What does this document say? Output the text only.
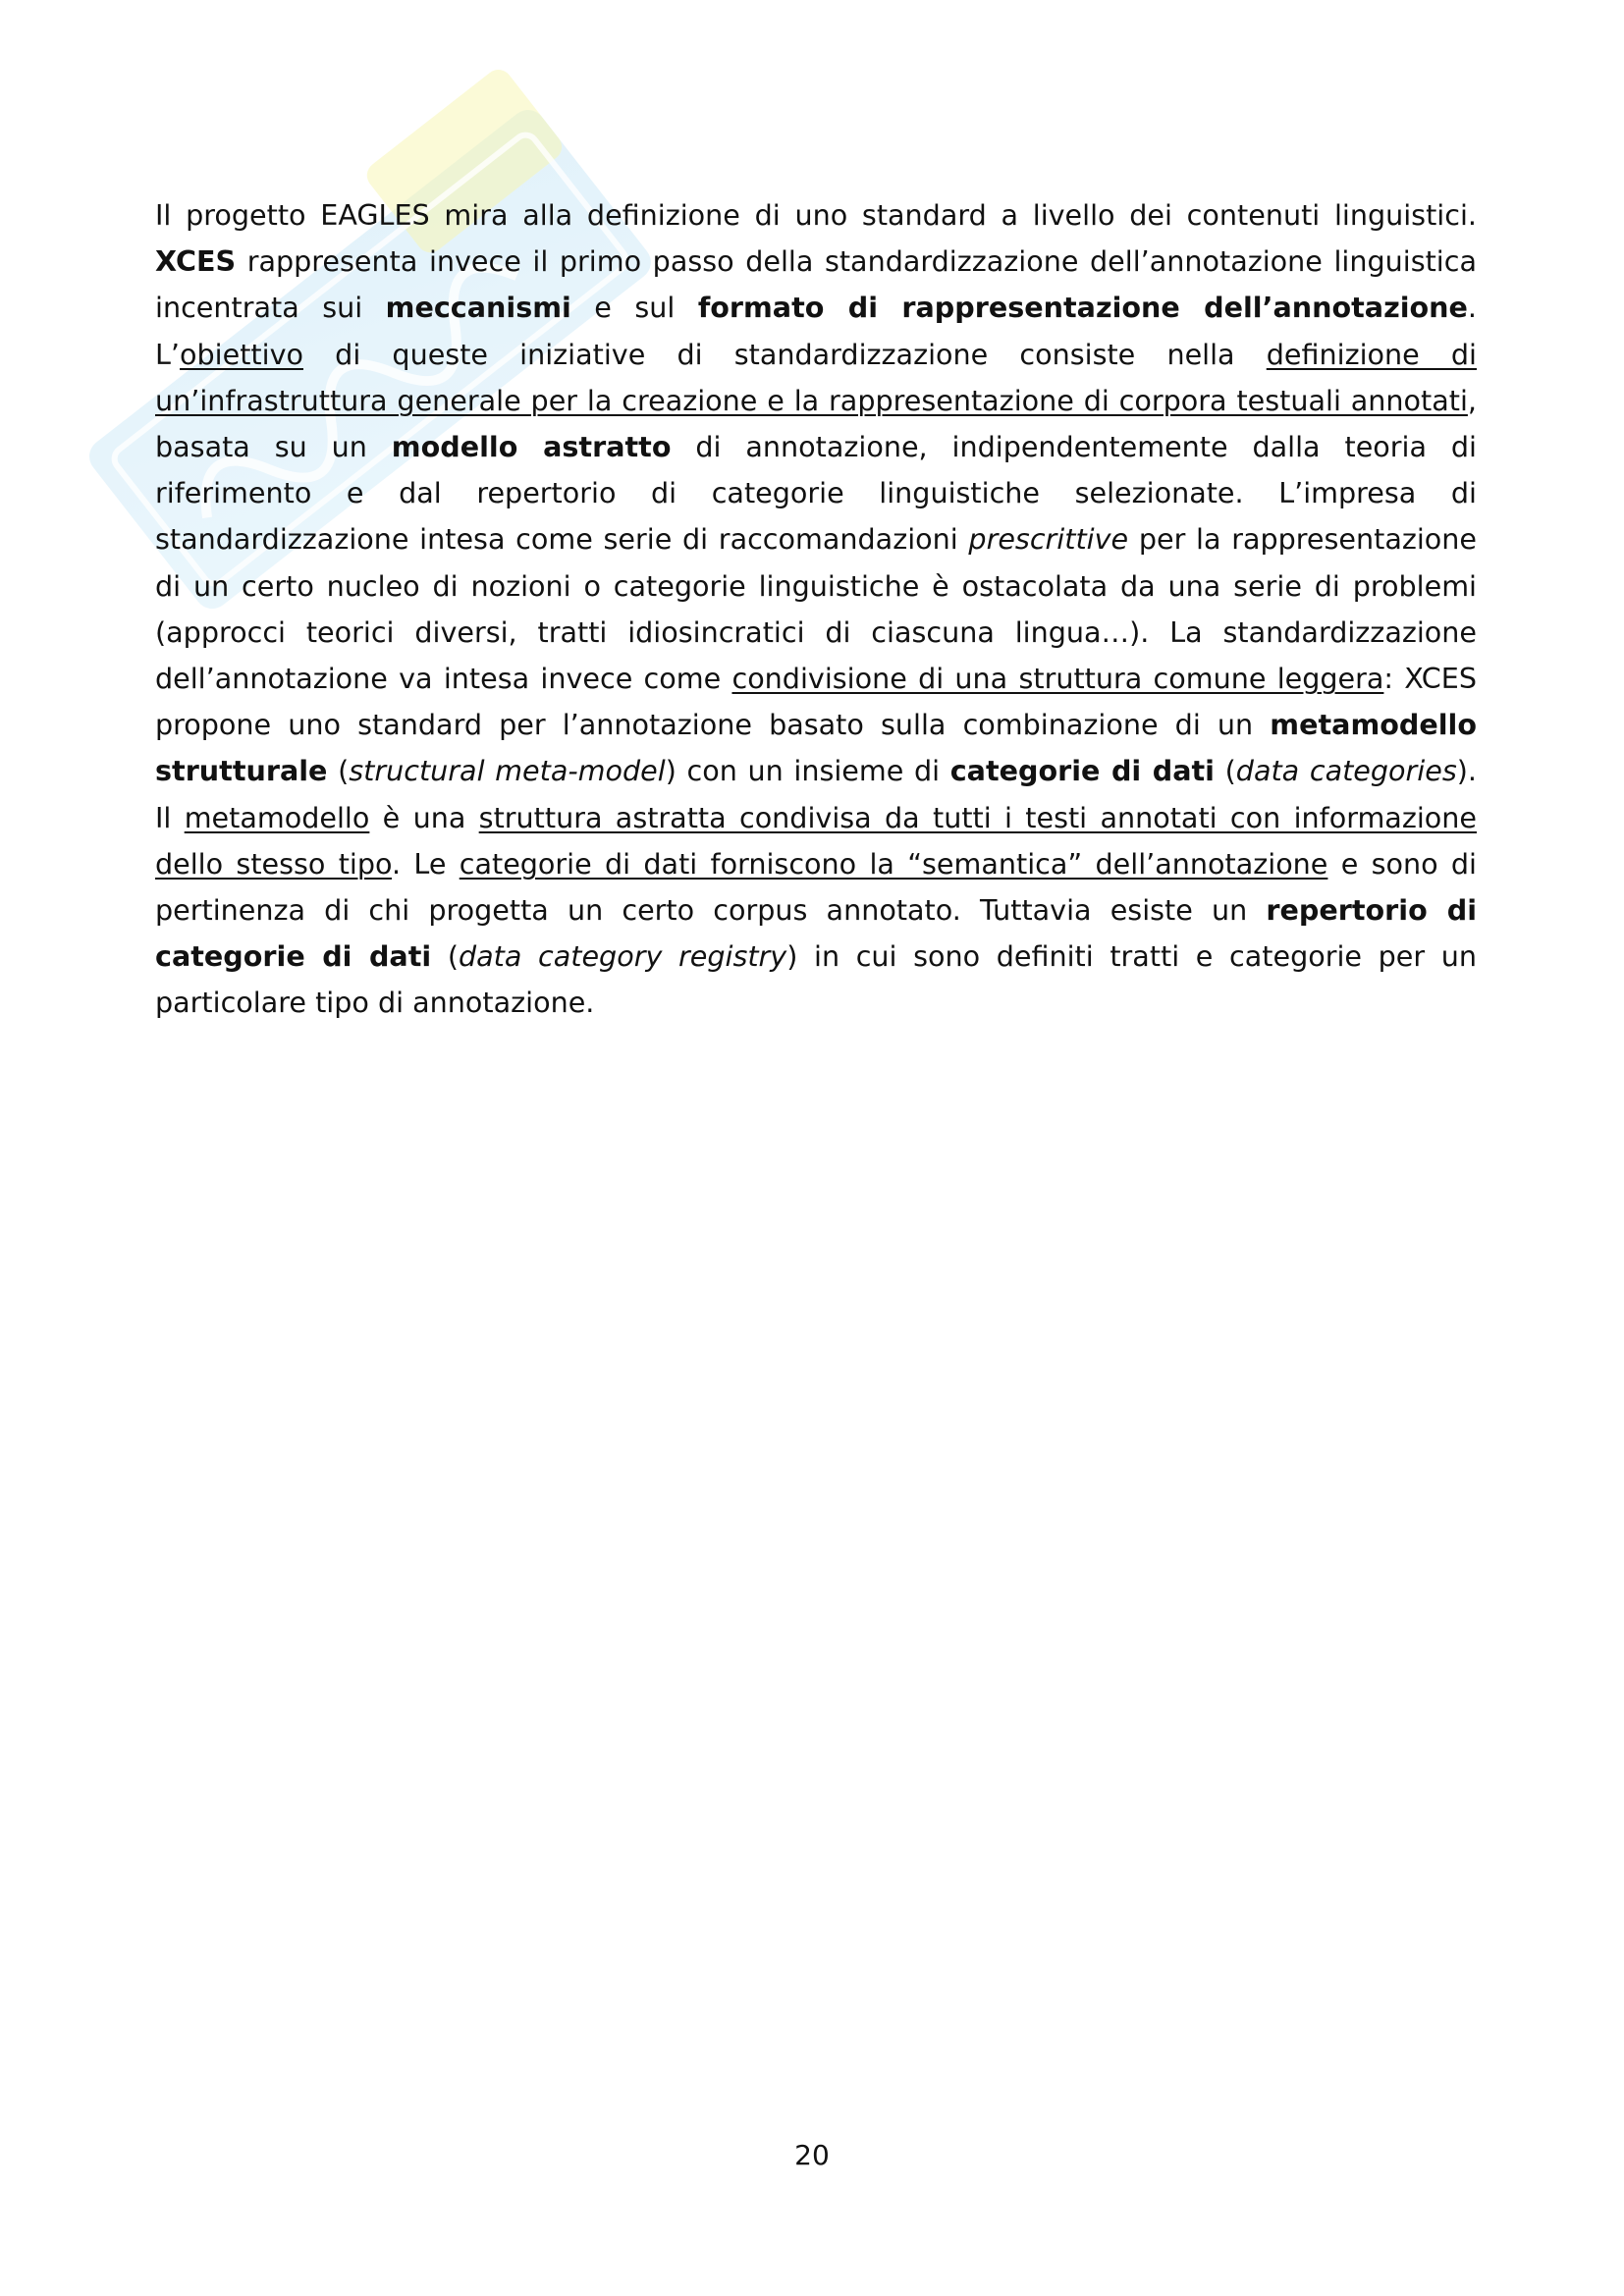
Il progetto EAGLES mira alla definizione di uno standard a livello dei contenuti linguistici. XCES rappresenta invece il primo passo della standardizzazione dell’annotazione linguistica incentrata sui meccanismi e sul formato di rappresentazione dell’annotazione. L’obiettivo di queste iniziative di standardizzazione consiste nella definizione di un’infrastruttura generale per la creazione e la rappresentazione di corpora testuali annotati, basata su un modello astratto di annotazione, indipendentemente dalla teoria di riferimento e dal repertorio di categorie linguistiche selezionate. L’impresa di standardizzazione intesa come serie di raccomandazioni prescrittive per la rappresentazione di un certo nucleo di nozioni o categorie linguistiche è ostacolata da una serie di problemi (approcci teorici diversi, tratti idiosincratici di ciascuna lingua…). La standardizzazione dell’annotazione va intesa invece come condivisione di una struttura comune leggera: XCES propone uno standard per l’annotazione basato sulla combinazione di un metamodello strutturale (structural meta-model) con un insieme di categorie di dati (data categories). Il metamodello è una struttura astratta condivisa da tutti i testi annotati con informazione dello stesso tipo. Le categorie di dati forniscono la “semantica” dell’annotazione e sono di pertinenza di chi progetta un certo corpus annotato. Tuttavia esiste un repertorio di categorie di dati (data category registry) in cui sono definiti tratti e categorie per un particolare tipo di annotazione.

20
